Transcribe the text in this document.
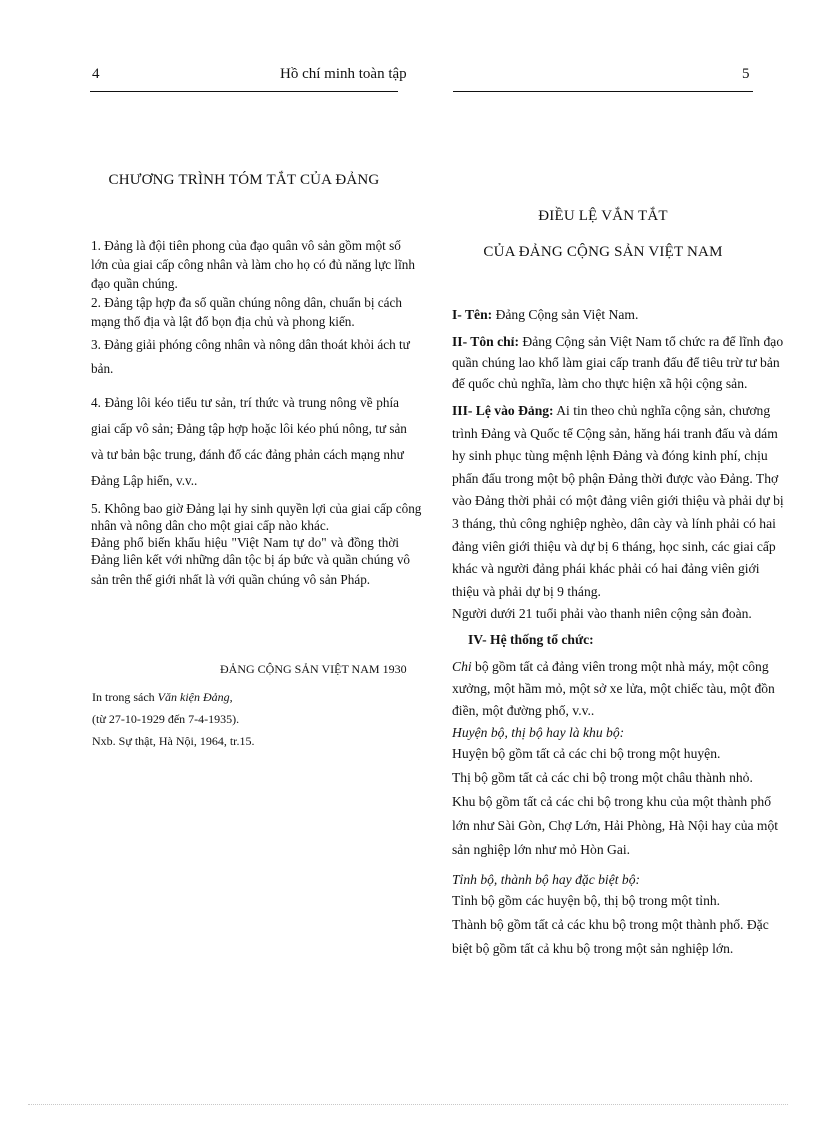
4	Hồ chí minh toàn tập
CHƯƠNG TRÌNH TÓM TẮT CỦA ĐẢNG
1. Đảng là đội tiên phong của đạo quân vô sản gồm một số
lớn của giai cấp công nhân và làm cho họ có đủ năng lực lĩnh
đạo quần chúng.
2. Đảng tập hợp đa số quần chúng nông dân, chuẩn bị cách
mạng thổ địa và lật đổ bọn địa chủ và phong kiến.
3. Đảng giải phóng công nhân và nông dân thoát khỏi ách tư
bản.
4. Đảng lôi kéo tiểu tư sản, trí thức và trung nông về phía
giai cấp vô sản; Đảng tập hợp hoặc lôi kéo phú nông, tư sản
và tư bản bậc trung, đánh đổ các đảng phản cách mạng như
Đảng Lập hiến, v.v..
5. Không bao giờ Đảng lại hy sinh quyền lợi của giai cấp công
nhân và nông dân cho một giai cấp nào khác.
Đảng phổ biến khẩu hiệu "Việt Nam tự do" và đồng thời
Đảng liên kết với những dân tộc bị áp bức và quần chúng vô
sản trên thế giới nhất là với quần chúng vô sản Pháp.
ĐẢNG CỘNG SẢN VIỆT NAM 1930
In trong sách Văn kiện Đảng,
(từ 27-10-1929 đến 7-4-1935).
Nxb. Sự thật, Hà Nội, 1964, tr.15.
5
ĐIỀU LỆ VẮN TẮT
CỦA ĐẢNG CỘNG SẢN VIỆT NAM
I- Tên: Đảng Cộng sản Việt Nam.
II- Tôn chỉ: Đảng Cộng sản Việt Nam tổ chức ra để lĩnh đạo
quần chúng lao khổ làm giai cấp tranh đấu để tiêu trừ tư bản
đế quốc chủ nghĩa, làm cho thực hiện xã hội cộng sản.
III- Lệ vào Đảng: Ai tin theo chủ nghĩa cộng sản, chương
trình Đảng và Quốc tế Cộng sản, hăng hái tranh đấu và dám
hy sinh phục tùng mệnh lệnh Đảng và đóng kinh phí, chịu
phấn đấu trong một bộ phận Đảng thời được vào Đảng. Thợ
vào Đảng thời phải có một đảng viên giới thiệu và phải dự bị
3 tháng, thủ công nghiệp nghèo, dân cày và lính phải có hai
đảng viên giới thiệu và dự bị 6 tháng, học sinh, các giai cấp
khác và người đảng phái khác phải có hai đảng viên giới
thiệu và phải dự bị 9 tháng.
Người dưới 21 tuổi phải vào thanh niên cộng sản đoàn.
IV- Hệ thống tổ chức:
Chi bộ gồm tất cả đảng viên trong một nhà máy, một công
xưởng, một hầm mỏ, một sở xe lửa, một chiếc tàu, một đồn
điền, một đường phố, v.v..
Huyện bộ, thị bộ hay là khu bộ:
Huyện bộ gồm tất cả các chi bộ trong một huyện.
Thị bộ gồm tất cả các chi bộ trong một châu thành nhỏ.
Khu bộ gồm tất cả các chi bộ trong khu của một thành phố
lớn như Sài Gòn, Chợ Lớn, Hải Phòng, Hà Nội hay của một
sản nghiệp lớn như mỏ Hòn Gai.
Tỉnh bộ, thành bộ hay đặc biệt bộ:
Tỉnh bộ gồm các huyện bộ, thị bộ trong một tỉnh.
Thành bộ gồm tất cả các khu bộ trong một thành phố. Đặc
biệt bộ gồm tất cả khu bộ trong một sản nghiệp lớn.
